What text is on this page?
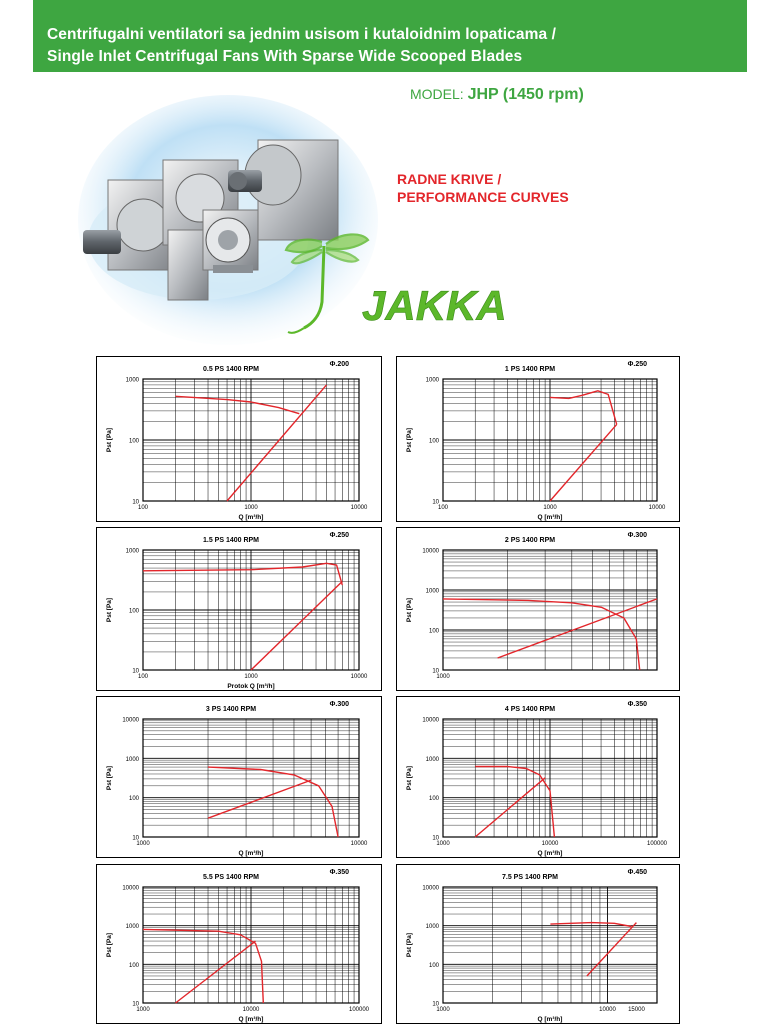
Centrifugalni ventilatori sa jednim usisom i kutaloidnim lopaticama /
Single Inlet Centrifugal Fans With Sparse Wide Scooped Blades
MODEL: JHP (1450 rpm)
RADNE KRIVE /
PERFORMANCE CURVES
JAKKA
0.5 PS 1400 RPM
Φ.200
1000
100
10
100	1000	10000
Pst [Pa]
Q [m³/h]
1 PS 1400 RPM
Φ.250
1000
100
10
100	1000	10000
Pst [Pa]
Q [m³/h]
1.5 PS 1400 RPM
Φ.250
1000
100
10
100	1000	10000
Pst [Pa]
Protok Q [m³/h]
2 PS 1400 RPM
Φ.300
10000
1000
100
10
1000
Pst [Pa]
3 PS 1400 RPM
Φ.300
10000
1000
100
10
1000	10000
Pst [Pa]
Q [m³/h]
4 PS 1400 RPM
Φ.350
10000
1000
100
10
1000	10000	100000
Pst [Pa]
Q [m³/h]
5.5 PS 1400 RPM
Φ.350
10000
1000
100
10
1000	10000	100000
Pst [Pa]
Q [m³/h]
7.5 PS 1400 RPM
Φ.450
10000
1000
100
10
1000	10000 15000
Pst [Pa]
Q [m³/h]
